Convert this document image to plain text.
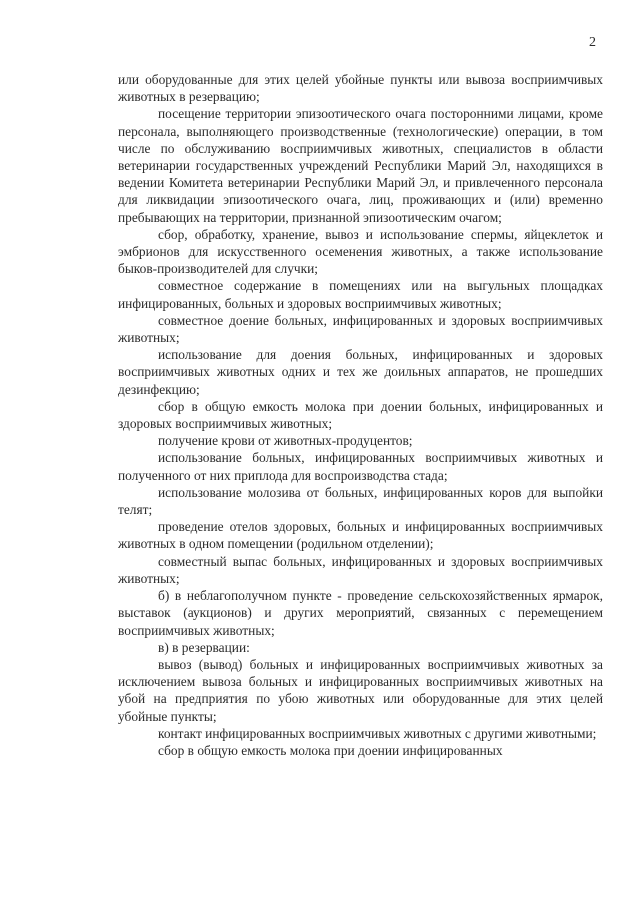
2

или оборудованные для этих целей убойные пункты или вывоза восприимчивых животных в резервацию;

посещение территории эпизоотического очага посторонними лицами, кроме персонала, выполняющего производственные (технологические) операции, в том числе по обслуживанию восприимчивых животных, специалистов в области ветеринарии государственных учреждений Республики Марий Эл, находящихся в ведении Комитета ветеринарии Республики Марий Эл, и привлеченного персонала для ликвидации эпизоотического очага, лиц, проживающих и (или) временно пребывающих на территории, признанной эпизоотическим очагом;

сбор, обработку, хранение, вывоз и использование спермы, яйцеклеток и эмбрионов для искусственного осеменения животных, а также использование быков-производителей для случки;

совместное содержание в помещениях или на выгульных площадках инфицированных, больных и здоровых восприимчивых животных;

совместное доение больных, инфицированных и здоровых восприимчивых животных;

использование для доения больных, инфицированных и здоровых восприимчивых животных одних и тех же доильных аппаратов, не прошедших дезинфекцию;

сбор в общую емкость молока при доении больных, инфицированных и здоровых восприимчивых животных;

получение крови от животных-продуцентов;

использование больных, инфицированных восприимчивых животных и полученного от них приплода для воспроизводства стада;

использование молозива от больных, инфицированных коров для выпойки телят;

проведение отелов здоровых, больных и инфицированных восприимчивых животных в одном помещении (родильном отделении);

совместный выпас больных, инфицированных и здоровых восприимчивых животных;

б) в неблагополучном пункте - проведение сельскохозяйственных ярмарок, выставок (аукционов) и других мероприятий, связанных с перемещением восприимчивых животных;

в) в резервации:

вывоз (вывод) больных и инфицированных восприимчивых животных за исключением вывоза больных и инфицированных восприимчивых животных на убой на предприятия по убою животных или оборудованные для этих целей убойные пункты;

контакт инфицированных восприимчивых животных с другими животными;

сбор в общую емкость молока при доении инфицированных
